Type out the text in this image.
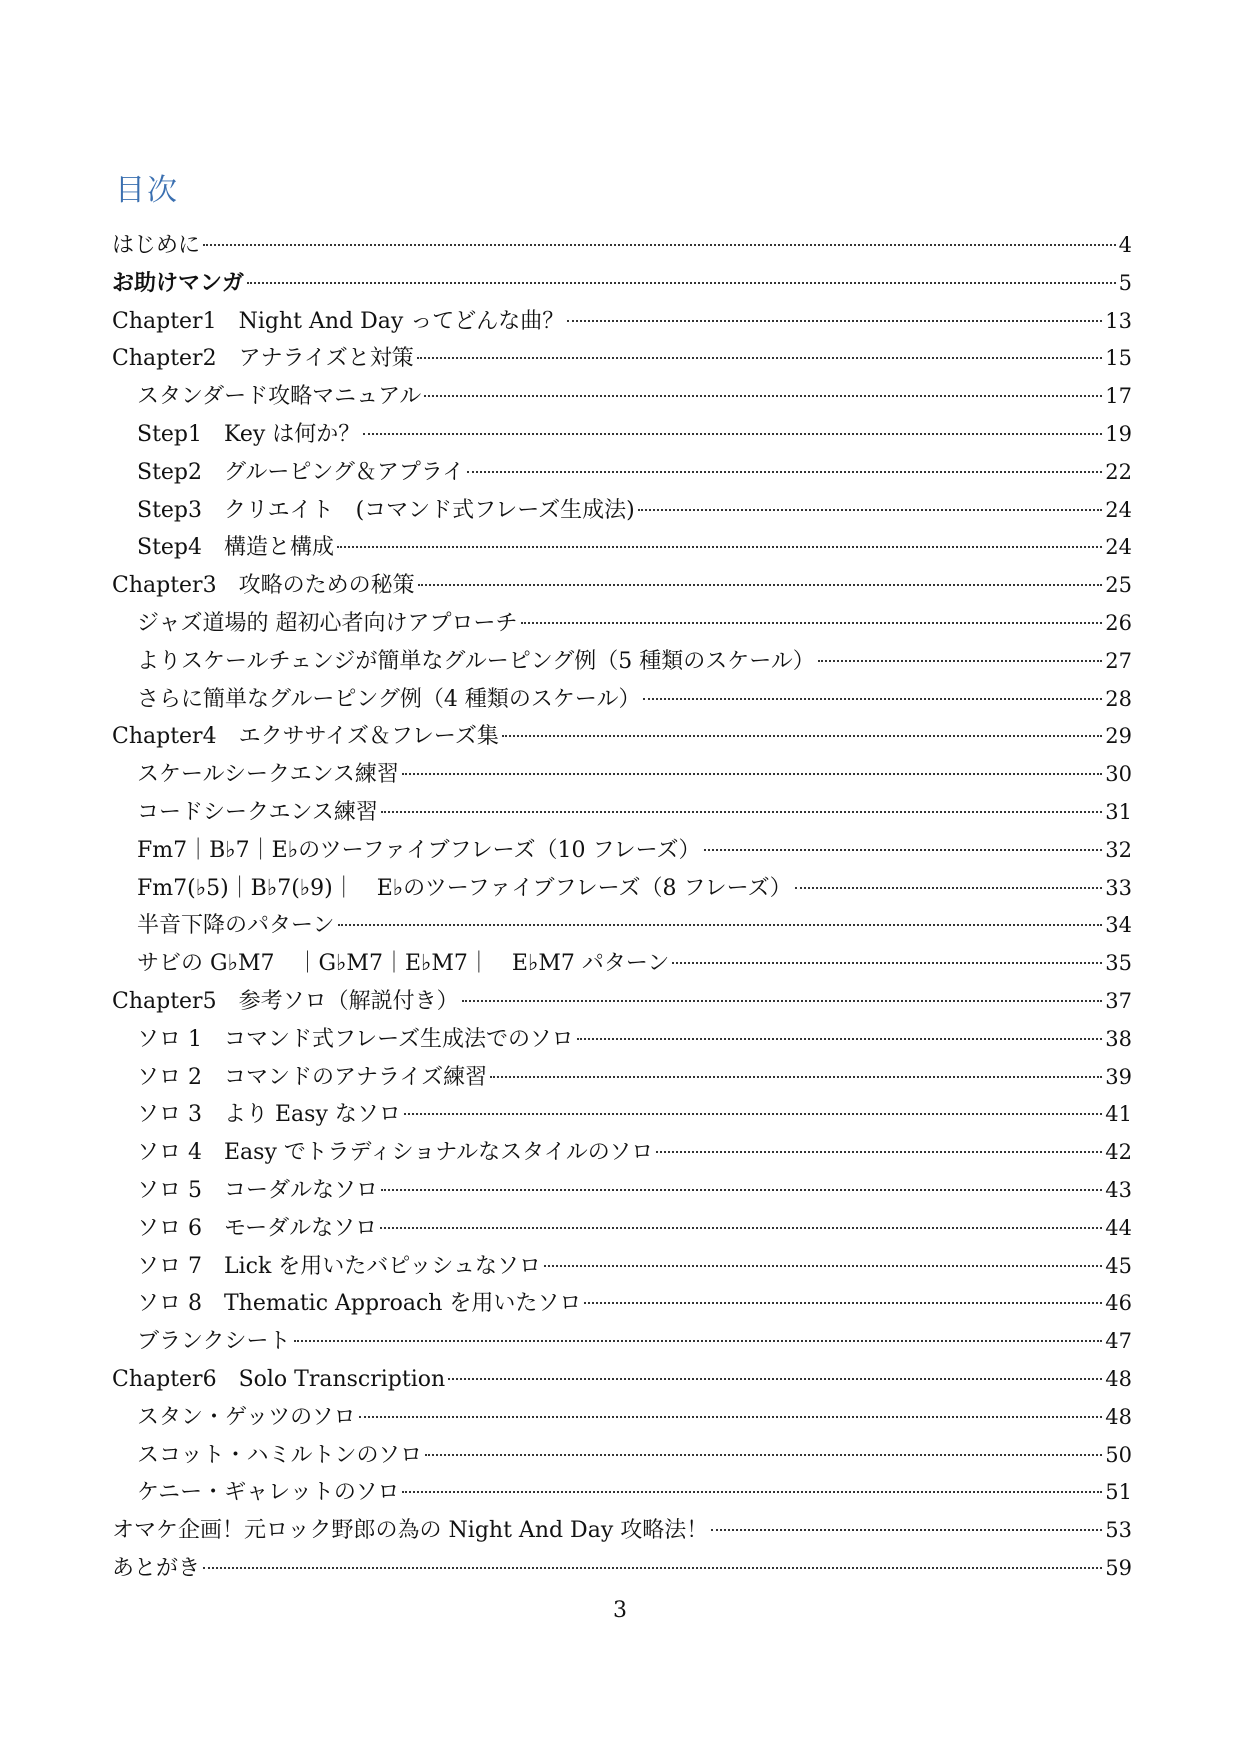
目次
はじめに	4
お助けマンガ	5
Chapter1　Night And Day ってどんな曲？	13
Chapter2　アナライズと対策	15
スタンダード攻略マニュアル	17
Step1　Key は何か？	19
Step2　グルーピング＆アプライ	22
Step3　クリエイト　(コマンド式フレーズ生成法)	24
Step4　構造と構成	24
Chapter3　攻略のための秘策	25
ジャズ道場的 超初心者向けアプローチ	26
よりスケールチェンジが簡単なグルーピング例（5 種類のスケール）	27
さらに簡単なグルーピング例（4 種類のスケール）	28
Chapter4　エクササイズ＆フレーズ集	29
スケールシークエンス練習	30
コードシークエンス練習	31
Fm7｜B♭7｜E♭のツーファイブフレーズ（10 フレーズ）	32
Fm7(♭5)｜B♭7(♭9)｜　E♭のツーファイブフレーズ（8 フレーズ）	33
半音下降のパターン	34
サビの G♭M7　｜G♭M7｜E♭M7｜　E♭M7 パターン	35
Chapter5　参考ソロ（解説付き）	37
ソロ 1　コマンド式フレーズ生成法でのソロ	38
ソロ 2　コマンドのアナライズ練習	39
ソロ 3　より Easy なソロ	41
ソロ 4　Easy でトラディショナルなスタイルのソロ	42
ソロ 5　コーダルなソロ	43
ソロ 6　モーダルなソロ	44
ソロ 7　Lick を用いたバピッシュなソロ	45
ソロ 8　Thematic Approach を用いたソロ	46
ブランクシート	47
Chapter6　Solo Transcription	48
スタン・ゲッツのソロ	48
スコット・ハミルトンのソロ	50
ケニー・ギャレットのソロ	51
オマケ企画！元ロック野郎の為の Night And Day 攻略法！	53
あとがき	59
3
